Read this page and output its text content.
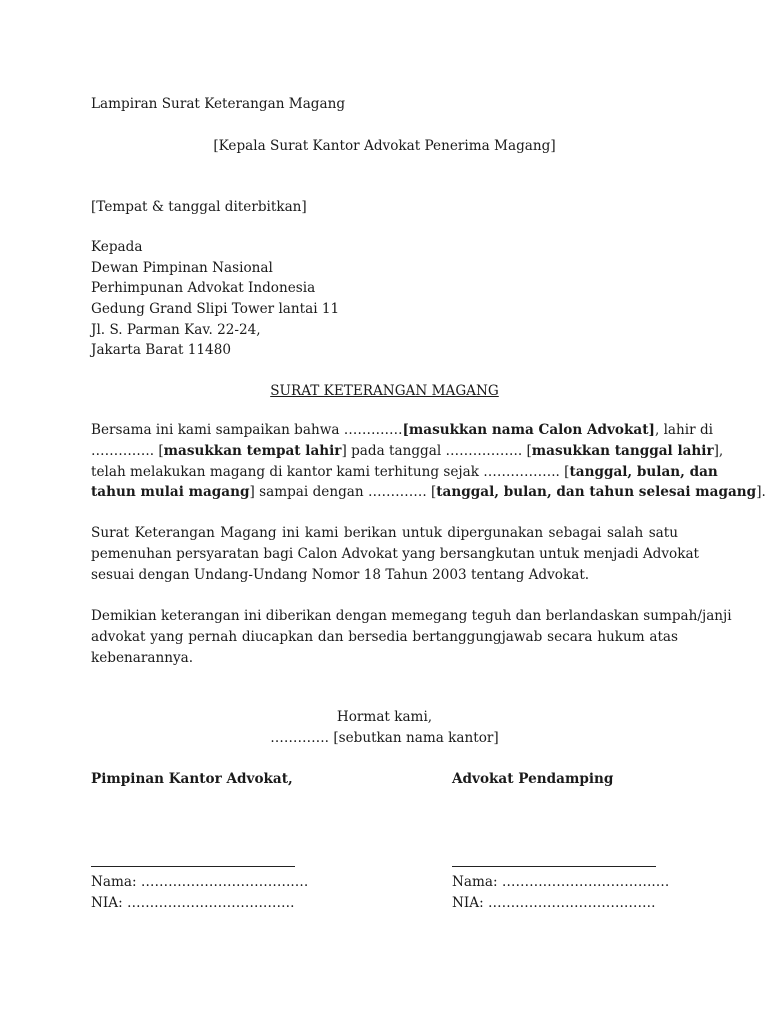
Lampiran Surat Keterangan Magang
[Kepala Surat Kantor Advokat Penerima Magang]
[Tempat & tanggal diterbitkan]
Kepada
Dewan Pimpinan Nasional
Perhimpunan Advokat Indonesia
Gedung Grand Slipi Tower lantai 11
Jl. S. Parman Kav. 22-24,
Jakarta Barat 11480
SURAT KETERANGAN MAGANG
Bersama ini kami sampaikan bahwa ………….[masukkan nama Calon Advokat], lahir di
………….. [masukkan tempat lahir] pada tanggal …………….. [masukkan tanggal lahir],
telah melakukan magang di kantor kami terhitung sejak …………….. [tanggal, bulan, dan
tahun mulai magang] sampai dengan …………. [tanggal, bulan, dan tahun selesai magang].
Surat Keterangan Magang ini kami berikan untuk dipergunakan sebagai salah satu
pemenuhan persyaratan bagi Calon Advokat yang bersangkutan untuk menjadi Advokat
sesuai dengan Undang-Undang Nomor 18 Tahun 2003 tentang Advokat.
Demikian keterangan ini diberikan dengan memegang teguh dan berlandaskan sumpah/janji
advokat yang pernah diucapkan dan bersedia bertanggungjawab secara hukum atas
kebenarannya.
Hormat kami,
…………. [sebutkan nama kantor]
Pimpinan Kantor Advokat,	Advokat Pendamping
Nama: …………………………….…
NIA: ……………………………….
Nama: …………………………….…
NIA: ……………………………….
